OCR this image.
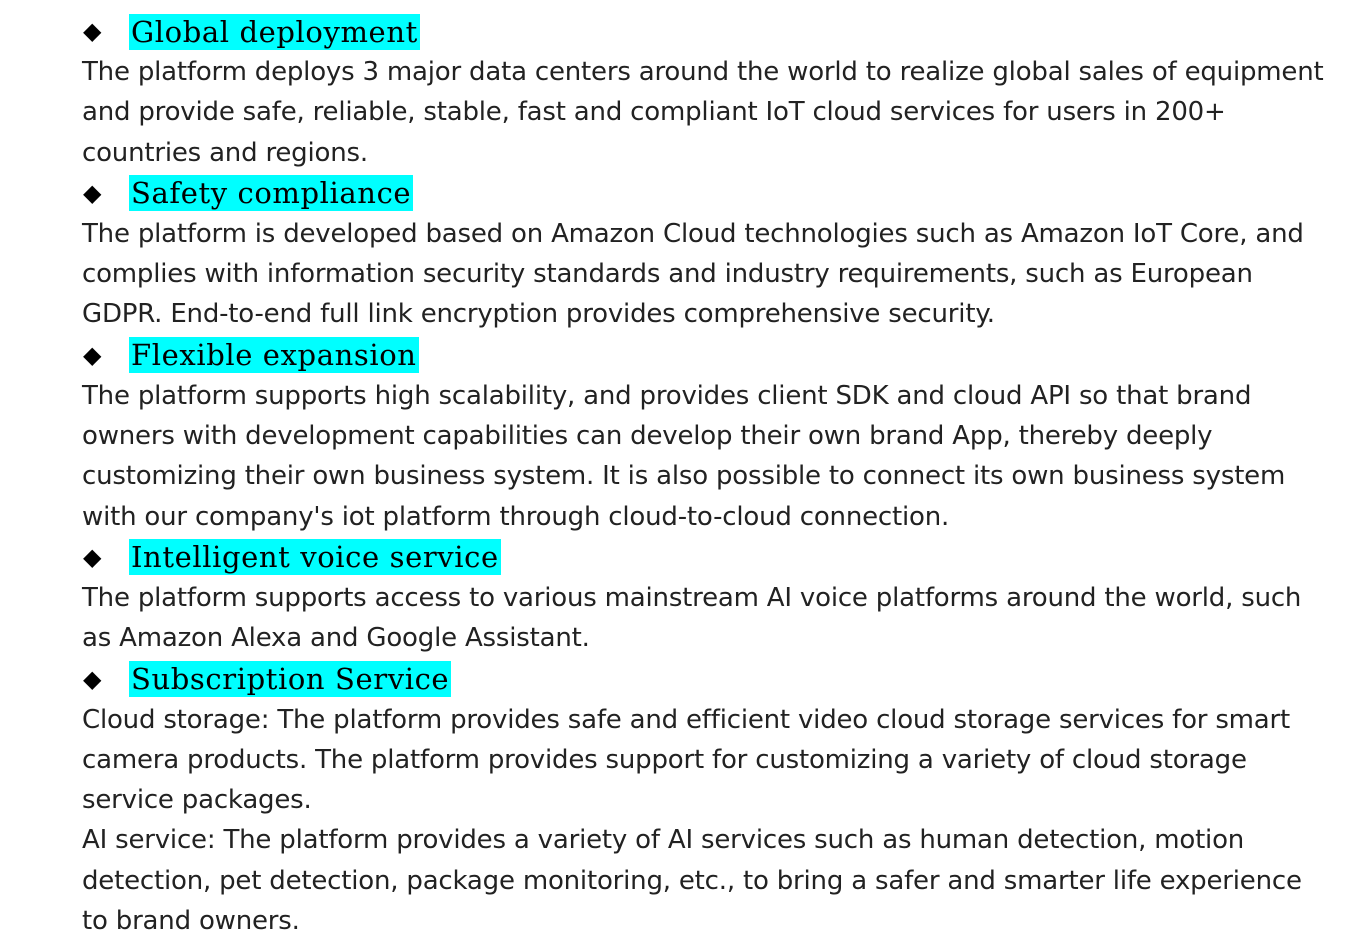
◆	Global deployment

The platform deploys 3 major data centers around the world to realize global sales of equipment and provide safe, reliable, stable, fast and compliant IoT cloud services for users in 200+ countries and regions.

◆	Safety compliance

The platform is developed based on Amazon Cloud technologies such as Amazon IoT Core, and complies with information security standards and industry requirements, such as European GDPR. End-to-end full link encryption provides comprehensive security.

◆	Flexible expansion

The platform supports high scalability, and provides client SDK and cloud API so that brand owners with development capabilities can develop their own brand App, thereby deeply customizing their own business system. It is also possible to connect its own business system with our company's iot platform through cloud-to-cloud connection.

◆	Intelligent voice service

The platform supports access to various mainstream AI voice platforms around the world, such as Amazon Alexa and Google Assistant.

◆	Subscription Service

Cloud storage: The platform provides safe and efficient video cloud storage services for smart camera products. The platform provides support for customizing a variety of cloud storage service packages.

AI service: The platform provides a variety of AI services such as human detection, motion detection, pet detection, package monitoring, etc., to bring a safer and smarter life experience to brand owners.
